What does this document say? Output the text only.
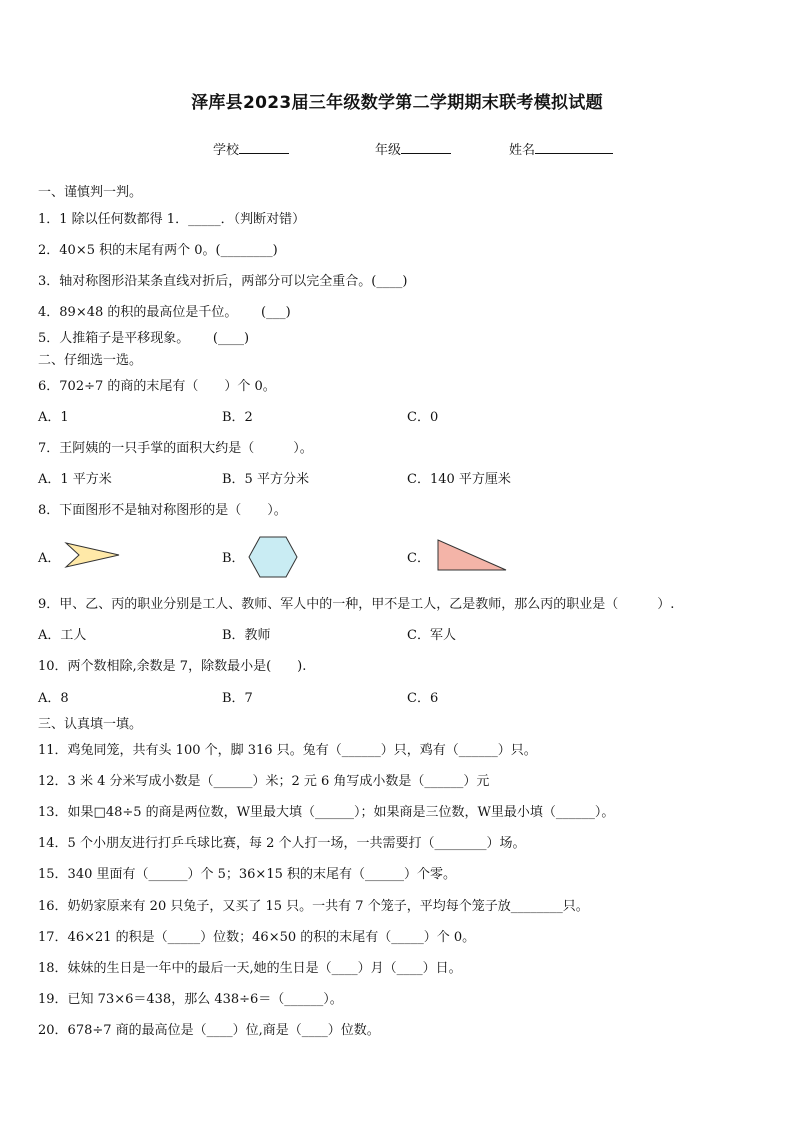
泽库县2023届三年级数学第二学期期末联考模拟试题
学校	年级	姓名
一、谨慎判一判。
1．1 除以任何数都得 1．_____．（判断对错）
2．40×5 积的末尾有两个 0。(________)
3．轴对称图形沿某条直线对折后，两部分可以完全重合。(____)
4．89×48 的积的最高位是千位。　　 (___)
5．人推箱子是平移现象。　　 (____)
二、仔细选一选。
6．702÷7 的商的末尾有（　　）个 0。
A．1	B．2	C．0
7．王阿姨的一只手掌的面积大约是（　　　）。
A．1 平方米	B．5 平方分米	C．140 平方厘米
8．下面图形不是轴对称图形的是（　　）。
A．	B．	C．
9．甲、乙、丙的职业分别是工人、教师、军人中的一种，甲不是工人，乙是教师，那么丙的职业是（　　　）.
A．工人	B．教师	C．军人
10．两个数相除,余数是 7，除数最小是(　　).
A．8	B．7	C．6
三、认真填一填。
11．鸡兔同笼，共有头 100 个，脚 316 只。兔有（______）只，鸡有（______）只。
12．3 米 4 分米写成小数是（______）米；2 元 6 角写成小数是（______）元
13．如果□48÷5 的商是两位数，W里最大填（______）；如果商是三位数，W里最小填（______）。
14．5 个小朋友进行打乒乓球比赛，每 2 个人打一场，一共需要打（________）场。
15．340 里面有（______）个 5；36×15 积的末尾有（______）个零。
16．奶奶家原来有 20 只兔子，又买了 15 只。一共有 7 个笼子，平均每个笼子放________只。
17．46×21 的积是（_____）位数；46×50 的积的末尾有（_____）个 0。
18．妹妹的生日是一年中的最后一天,她的生日是（____）月（____）日。
19．已知 73×6＝438，那么 438÷6＝（______）。
20．678÷7 商的最高位是（____）位,商是（____）位数。
